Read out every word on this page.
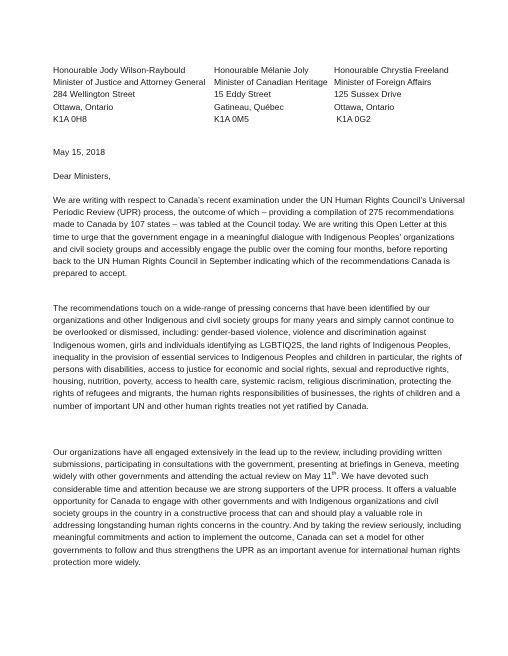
Honourable Jody Wilson-Raybould
Minister of Justice and Attorney General
284 Wellington Street
Ottawa, Ontario
K1A 0H8
Honourable Mélanie Joly
Minister of Canadian Heritage
15 Eddy Street
Gatineau, Québec
K1A 0M5
Honourable Chrystia Freeland
Minister of Foreign Affairs
125 Sussex Drive
Ottawa, Ontario
K1A 0G2
May 15, 2018
Dear Ministers,
We are writing with respect to Canada’s recent examination under the UN Human Rights Council’s Universal Periodic Review (UPR) process, the outcome of which – providing a compilation of 275 recommendations made to Canada by 107 states – was tabled at the Council today. We are writing this Open Letter at this time to urge that the government engage in a meaningful dialogue with Indigenous Peoples’ organizations and civil society groups and accessibly engage the public over the coming four months, before reporting back to the UN Human Rights Council in September indicating which of the recommendations Canada is prepared to accept.
The recommendations touch on a wide-range of pressing concerns that have been identified by our organizations and other Indigenous and civil society groups for many years and simply cannot continue to be overlooked or dismissed, including: gender-based violence, violence and discrimination against Indigenous women, girls and individuals identifying as LGBTIQ2S, the land rights of Indigenous Peoples, inequality in the provision of essential services to Indigenous Peoples and children in particular, the rights of persons with disabilities, access to justice for economic and social rights, sexual and reproductive rights, housing, nutrition, poverty, access to health care, systemic racism, religious discrimination, protecting the rights of refugees and migrants, the human rights responsibilities of businesses, the rights of children and a number of important UN and other human rights treaties not yet ratified by Canada.
Our organizations have all engaged extensively in the lead up to the review, including providing written submissions, participating in consultations with the government, presenting at briefings in Geneva, meeting widely with other governments and attending the actual review on May 11th. We have devoted such considerable time and attention because we are strong supporters of the UPR process. It offers a valuable opportunity for Canada to engage with other governments and with Indigenous organizations and civil society groups in the country in a constructive process that can and should play a valuable role in addressing longstanding human rights concerns in the country. And by taking the review seriously, including meaningful commitments and action to implement the outcome, Canada can set a model for other governments to follow and thus strengthens the UPR as an important avenue for international human rights protection more widely.
